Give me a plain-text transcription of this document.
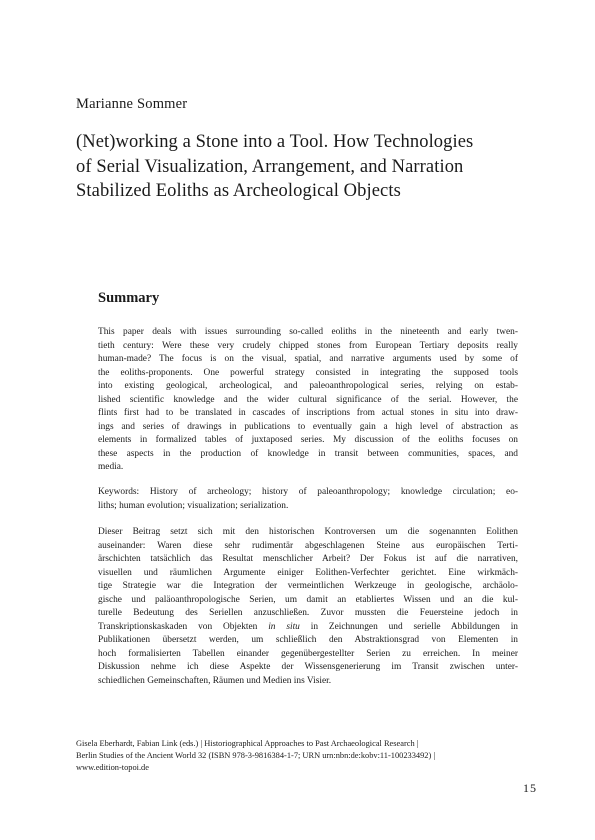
Marianne Sommer
(Net)working a Stone into a Tool. How Technologies
of Serial Visualization, Arrangement, and Narration
Stabilized Eoliths as Archeological Objects
Summary
This paper deals with issues surrounding so-called eoliths in the nineteenth and early twen-
tieth century: Were these very crudely chipped stones from European Tertiary deposits really
human-made? The focus is on the visual, spatial, and narrative arguments used by some of
the eoliths-proponents. One powerful strategy consisted in integrating the supposed tools
into existing geological, archeological, and paleoanthropological series, relying on estab-
lished scientific knowledge and the wider cultural significance of the serial. However, the
flints first had to be translated in cascades of inscriptions from actual stones in situ into draw-
ings and series of drawings in publications to eventually gain a high level of abstraction as
elements in formalized tables of juxtaposed series. My discussion of the eoliths focuses on
these aspects in the production of knowledge in transit between communities, spaces, and
media.
Keywords: History of archeology; history of paleoanthropology; knowledge circulation; eo-
liths; human evolution; visualization; serialization.
Dieser Beitrag setzt sich mit den historischen Kontroversen um die sogenannten Eolithen
auseinander: Waren diese sehr rudimentär abgeschlagenen Steine aus europäischen Terti-
ärschichten tatsächlich das Resultat menschlicher Arbeit? Der Fokus ist auf die narrativen,
visuellen und räumlichen Argumente einiger Eolithen-Verfechter gerichtet. Eine wirkmäch-
tige Strategie war die Integration der vermeintlichen Werkzeuge in geologische, archäolo-
gische und paläoanthropologische Serien, um damit an etabliertes Wissen und an die kul-
turelle Bedeutung des Seriellen anzuschließen. Zuvor mussten die Feuersteine jedoch in
Transkriptionskaskaden von Objekten in situ in Zeichnungen und serielle Abbildungen in
Publikationen übersetzt werden, um schließlich den Abstraktionsgrad von Elementen in
hoch formalisierten Tabellen einander gegenübergestellter Serien zu erreichen. In meiner
Diskussion nehme ich diese Aspekte der Wissensgenerierung im Transit zwischen unter-
schiedlichen Gemeinschaften, Räumen und Medien ins Visier.
Gisela Eberhardt, Fabian Link (eds.) | Historiographical Approaches to Past Archaeological Research |
Berlin Studies of the Ancient World 32 (ISBN 978-3-9816384-1-7; URN urn:nbn:de:kobv:11-100233492) |
www.edition-topoi.de
15
